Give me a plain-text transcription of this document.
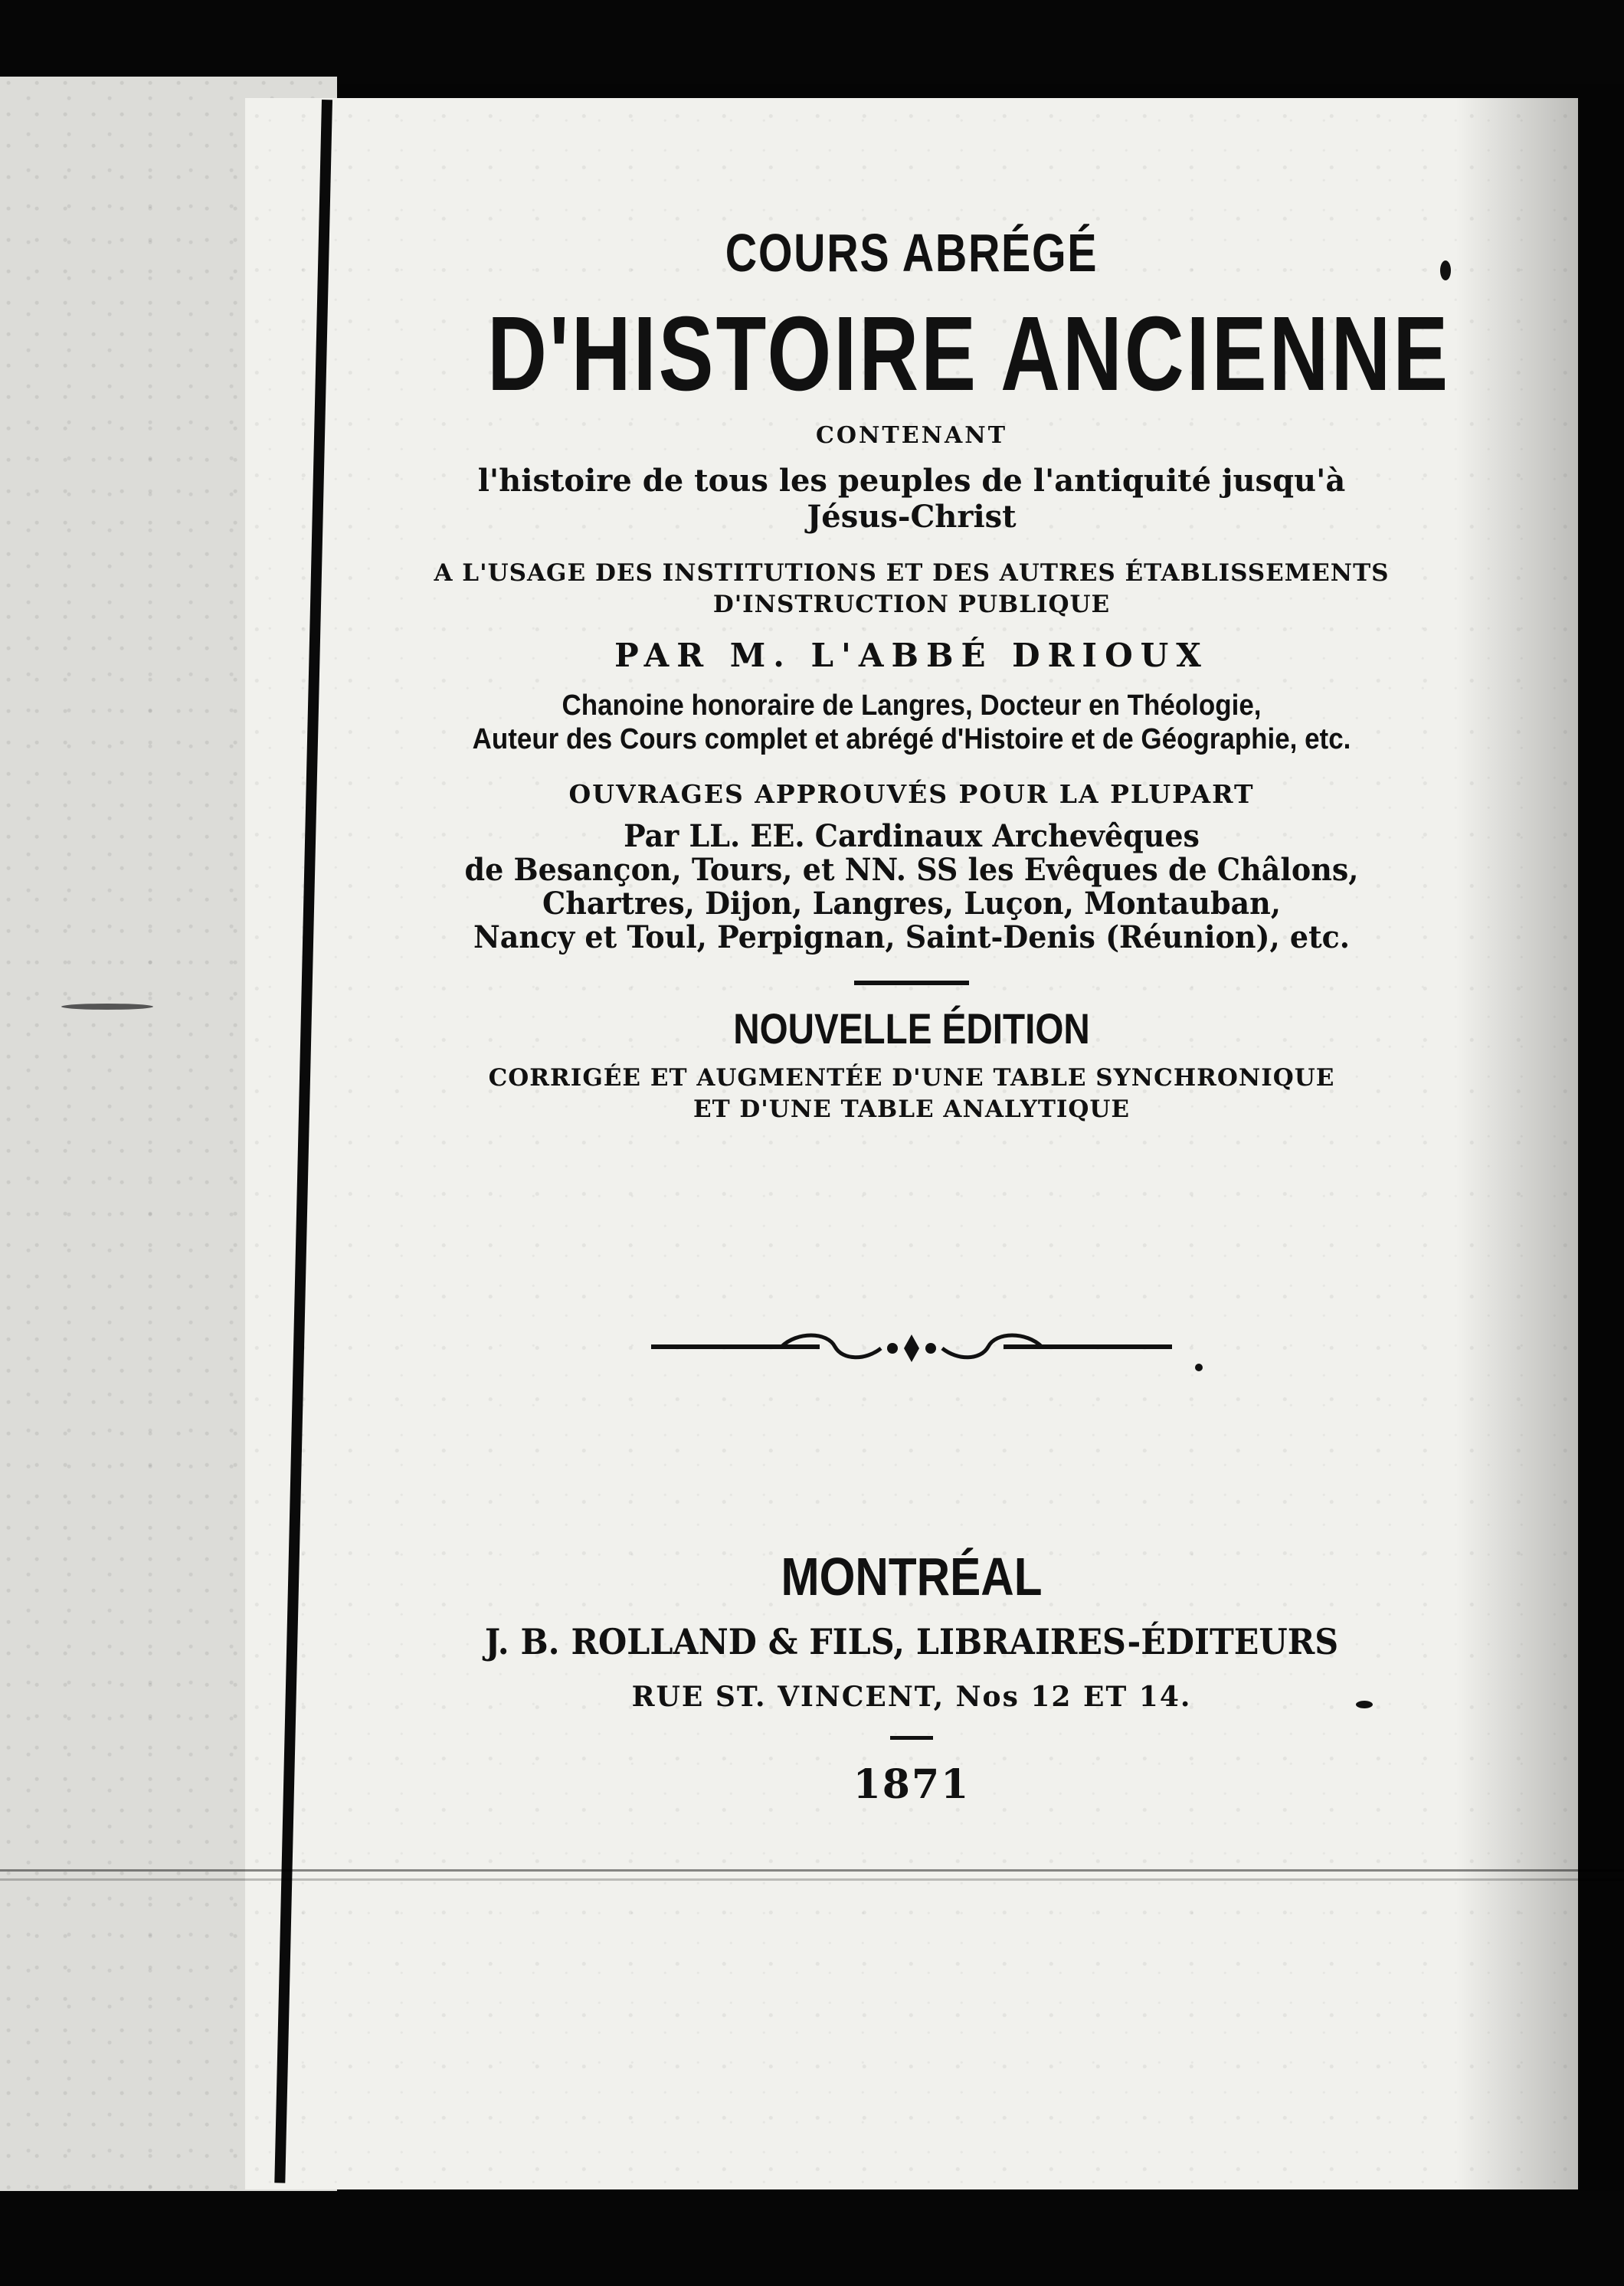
COURS ABRÉGÉ
D'HISTOIRE ANCIENNE
CONTENANT
l'histoire de tous les peuples de l'antiquité jusqu'à
Jésus-Christ
A L'USAGE DES INSTITUTIONS ET DES AUTRES ÉTABLISSEMENTS
D'INSTRUCTION PUBLIQUE
PAR M. L'ABBÉ DRIOUX
Chanoine honoraire de Langres, Docteur en Théologie,
Auteur des Cours complet et abrégé d'Histoire et de Géographie, etc.
OUVRAGES APPROUVÉS POUR LA PLUPART
Par LL. EE. Cardinaux Archevêques
de Besançon, Tours, et NN. SS les Evêques de Châlons,
Chartres, Dijon, Langres, Luçon, Montauban,
Nancy et Toul, Perpignan, Saint-Denis (Réunion), etc.
NOUVELLE ÉDITION
CORRIGÉE ET AUGMENTÉE D'UNE TABLE SYNCHRONIQUE
ET D'UNE TABLE ANALYTIQUE
MONTRÉAL
J. B. ROLLAND & FILS, LIBRAIRES-ÉDITEURS
RUE ST. VINCENT, Nos 12 ET 14.
1871
